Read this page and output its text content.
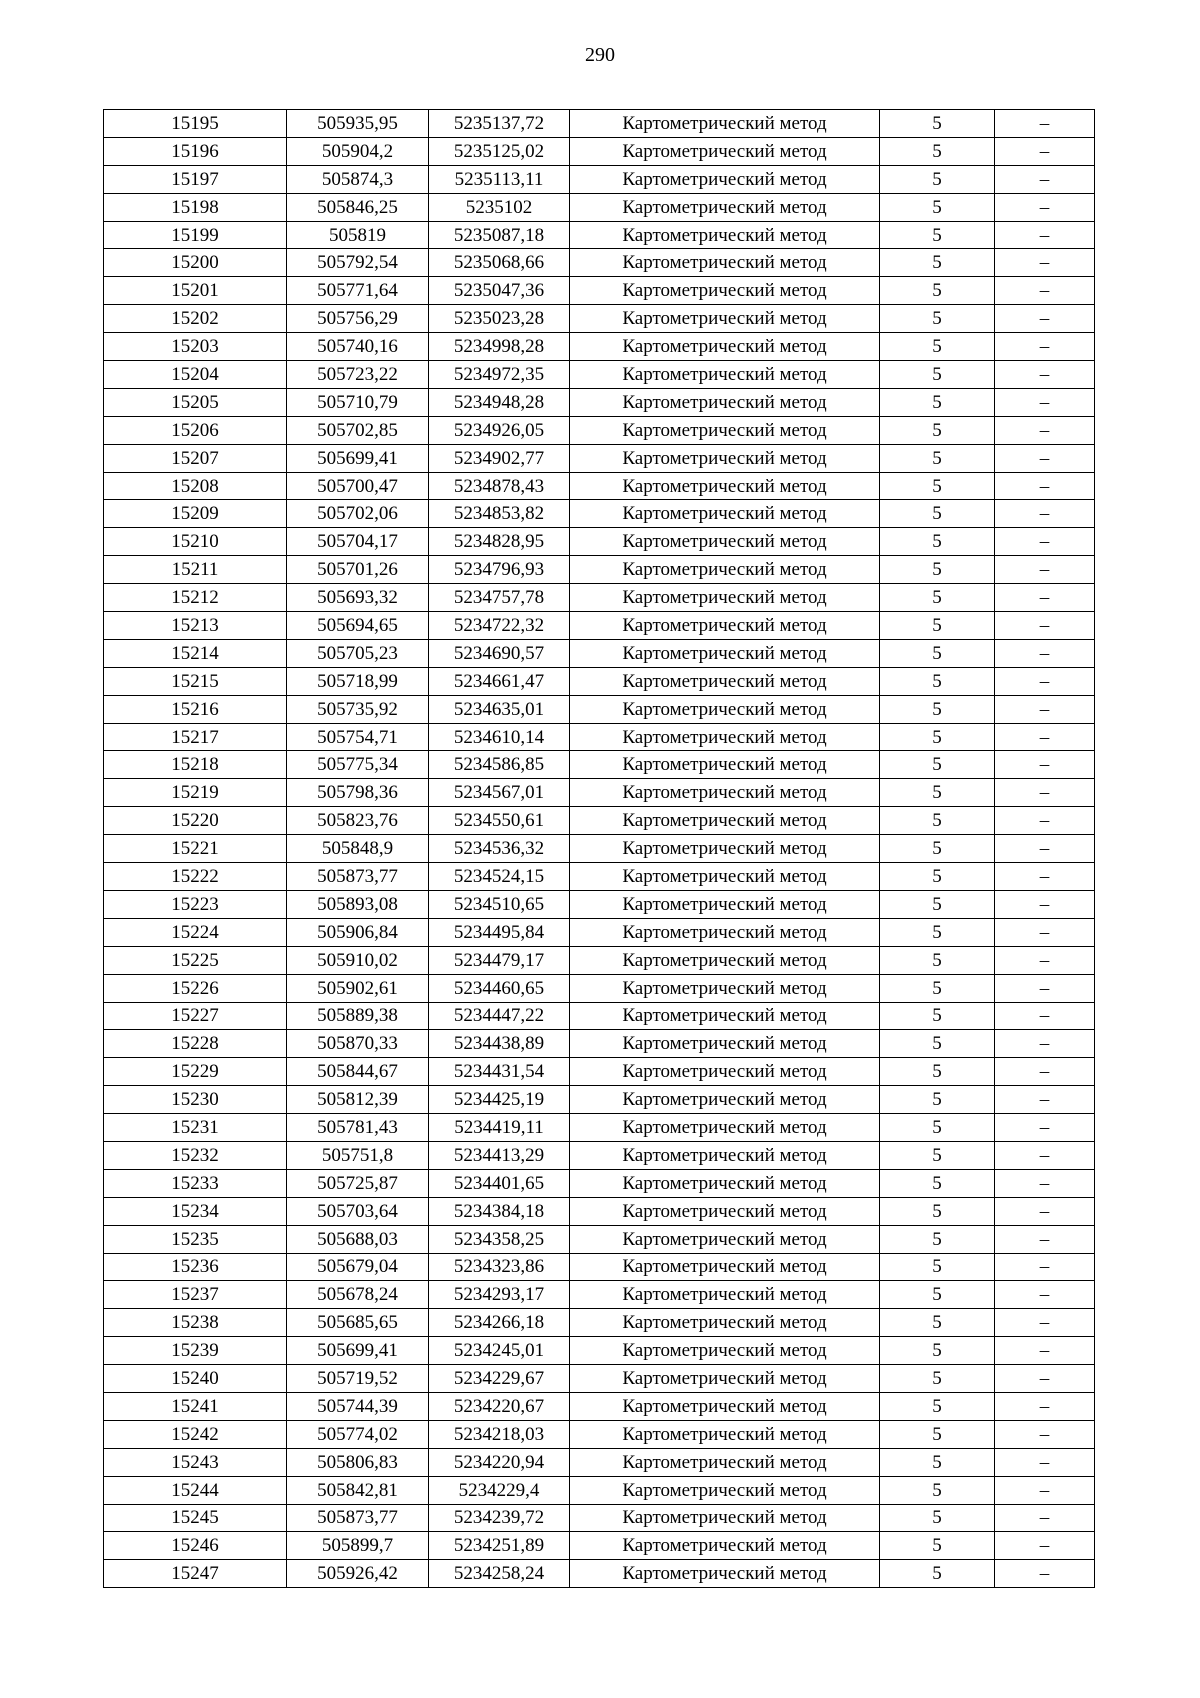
290
15195	505935,95	5235137,72	Картометрический метод	5	–
15196	505904,2	5235125,02	Картометрический метод	5	–
15197	505874,3	5235113,11	Картометрический метод	5	–
15198	505846,25	5235102	Картометрический метод	5	–
15199	505819	5235087,18	Картометрический метод	5	–
15200	505792,54	5235068,66	Картометрический метод	5	–
15201	505771,64	5235047,36	Картометрический метод	5	–
15202	505756,29	5235023,28	Картометрический метод	5	–
15203	505740,16	5234998,28	Картометрический метод	5	–
15204	505723,22	5234972,35	Картометрический метод	5	–
15205	505710,79	5234948,28	Картометрический метод	5	–
15206	505702,85	5234926,05	Картометрический метод	5	–
15207	505699,41	5234902,77	Картометрический метод	5	–
15208	505700,47	5234878,43	Картометрический метод	5	–
15209	505702,06	5234853,82	Картометрический метод	5	–
15210	505704,17	5234828,95	Картометрический метод	5	–
15211	505701,26	5234796,93	Картометрический метод	5	–
15212	505693,32	5234757,78	Картометрический метод	5	–
15213	505694,65	5234722,32	Картометрический метод	5	–
15214	505705,23	5234690,57	Картометрический метод	5	–
15215	505718,99	5234661,47	Картометрический метод	5	–
15216	505735,92	5234635,01	Картометрический метод	5	–
15217	505754,71	5234610,14	Картометрический метод	5	–
15218	505775,34	5234586,85	Картометрический метод	5	–
15219	505798,36	5234567,01	Картометрический метод	5	–
15220	505823,76	5234550,61	Картометрический метод	5	–
15221	505848,9	5234536,32	Картометрический метод	5	–
15222	505873,77	5234524,15	Картометрический метод	5	–
15223	505893,08	5234510,65	Картометрический метод	5	–
15224	505906,84	5234495,84	Картометрический метод	5	–
15225	505910,02	5234479,17	Картометрический метод	5	–
15226	505902,61	5234460,65	Картометрический метод	5	–
15227	505889,38	5234447,22	Картометрический метод	5	–
15228	505870,33	5234438,89	Картометрический метод	5	–
15229	505844,67	5234431,54	Картометрический метод	5	–
15230	505812,39	5234425,19	Картометрический метод	5	–
15231	505781,43	5234419,11	Картометрический метод	5	–
15232	505751,8	5234413,29	Картометрический метод	5	–
15233	505725,87	5234401,65	Картометрический метод	5	–
15234	505703,64	5234384,18	Картометрический метод	5	–
15235	505688,03	5234358,25	Картометрический метод	5	–
15236	505679,04	5234323,86	Картометрический метод	5	–
15237	505678,24	5234293,17	Картометрический метод	5	–
15238	505685,65	5234266,18	Картометрический метод	5	–
15239	505699,41	5234245,01	Картометрический метод	5	–
15240	505719,52	5234229,67	Картометрический метод	5	–
15241	505744,39	5234220,67	Картометрический метод	5	–
15242	505774,02	5234218,03	Картометрический метод	5	–
15243	505806,83	5234220,94	Картометрический метод	5	–
15244	505842,81	5234229,4	Картометрический метод	5	–
15245	505873,77	5234239,72	Картометрический метод	5	–
15246	505899,7	5234251,89	Картометрический метод	5	–
15247	505926,42	5234258,24	Картометрический метод	5	–
